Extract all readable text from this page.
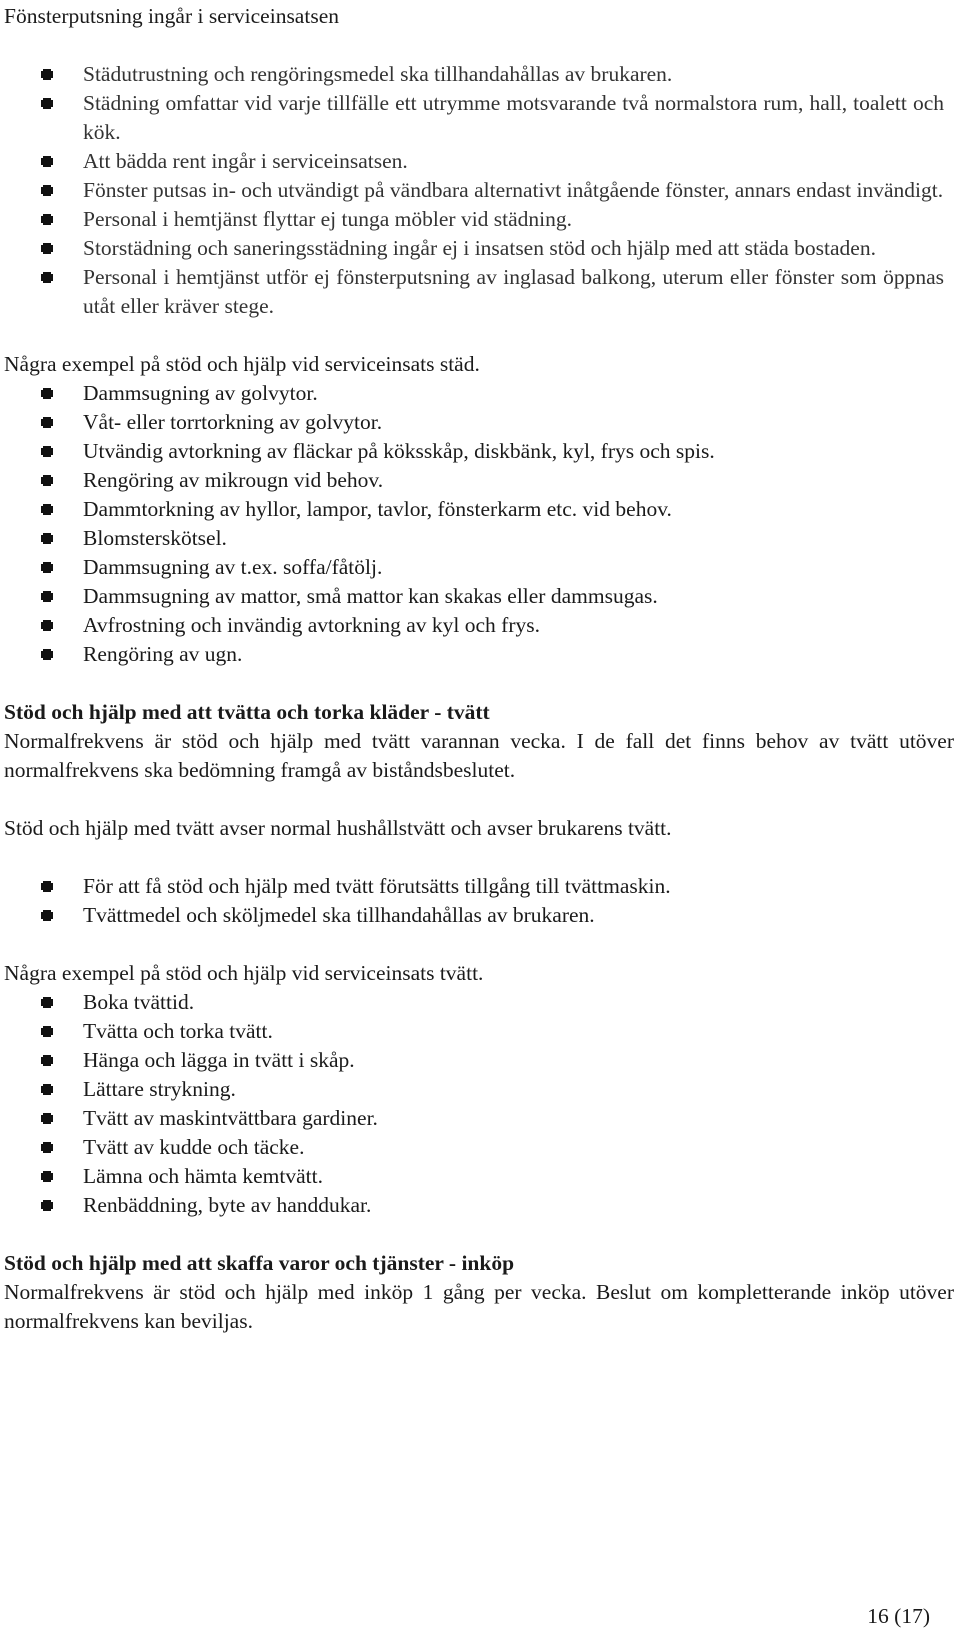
Fönsterputsning ingår i serviceinsatsen

Städutrustning och rengöringsmedel ska tillhandahållas av brukaren.
Städning omfattar vid varje tillfälle ett utrymme motsvarande två normalstora rum, hall, toalett och kök.
Att bädda rent ingår i serviceinsatsen.
Fönster putsas in- och utvändigt på vändbara alternativt inåtgående fönster, annars endast invändigt.
Personal i hemtjänst flyttar ej tunga möbler vid städning.
Storstädning och saneringsstädning ingår ej i insatsen stöd och hjälp med att städa bostaden.
Personal i hemtjänst utför ej fönsterputsning av inglasad balkong, uterum eller fönster som öppnas utåt eller kräver stege.

Några exempel på stöd och hjälp vid serviceinsats städ.

Dammsugning av golvytor.
Våt- eller torrtorkning av golvytor.
Utvändig avtorkning av fläckar på köksskåp, diskbänk, kyl, frys och spis.
Rengöring av mikrougn vid behov.
Dammtorkning av hyllor, lampor, tavlor, fönsterkarm etc. vid behov.
Blomsterskötsel.
Dammsugning av t.ex. soffa/fåtölj.
Dammsugning av mattor, små mattor kan skakas eller dammsugas.
Avfrostning och invändig avtorkning av kyl och frys.
Rengöring av ugn.
Stöd och hjälp med att tvätta och torka kläder - tvätt

Normalfrekvens är stöd och hjälp med tvätt varannan vecka. I de fall det finns behov av tvätt utöver normalfrekvens ska bedömning framgå av biståndsbeslutet.

Stöd och hjälp med tvätt avser normal hushållstvätt och avser brukarens tvätt.

För att få stöd och hjälp med tvätt förutsätts tillgång till tvättmaskin.
Tvättmedel och sköljmedel ska tillhandahållas av brukaren.

Några exempel på stöd och hjälp vid serviceinsats tvätt.

Boka tvättid.
Tvätta och torka tvätt.
Hänga och lägga in tvätt i skåp.
Lättare strykning.
Tvätt av maskintvättbara gardiner.
Tvätt av kudde och täcke.
Lämna och hämta kemtvätt.
Renbäddning, byte av handdukar.
Stöd och hjälp med att skaffa varor och tjänster - inköp

Normalfrekvens är stöd och hjälp med inköp 1 gång per vecka. Beslut om kompletterande inköp utöver normalfrekvens kan beviljas.

16 (17)
